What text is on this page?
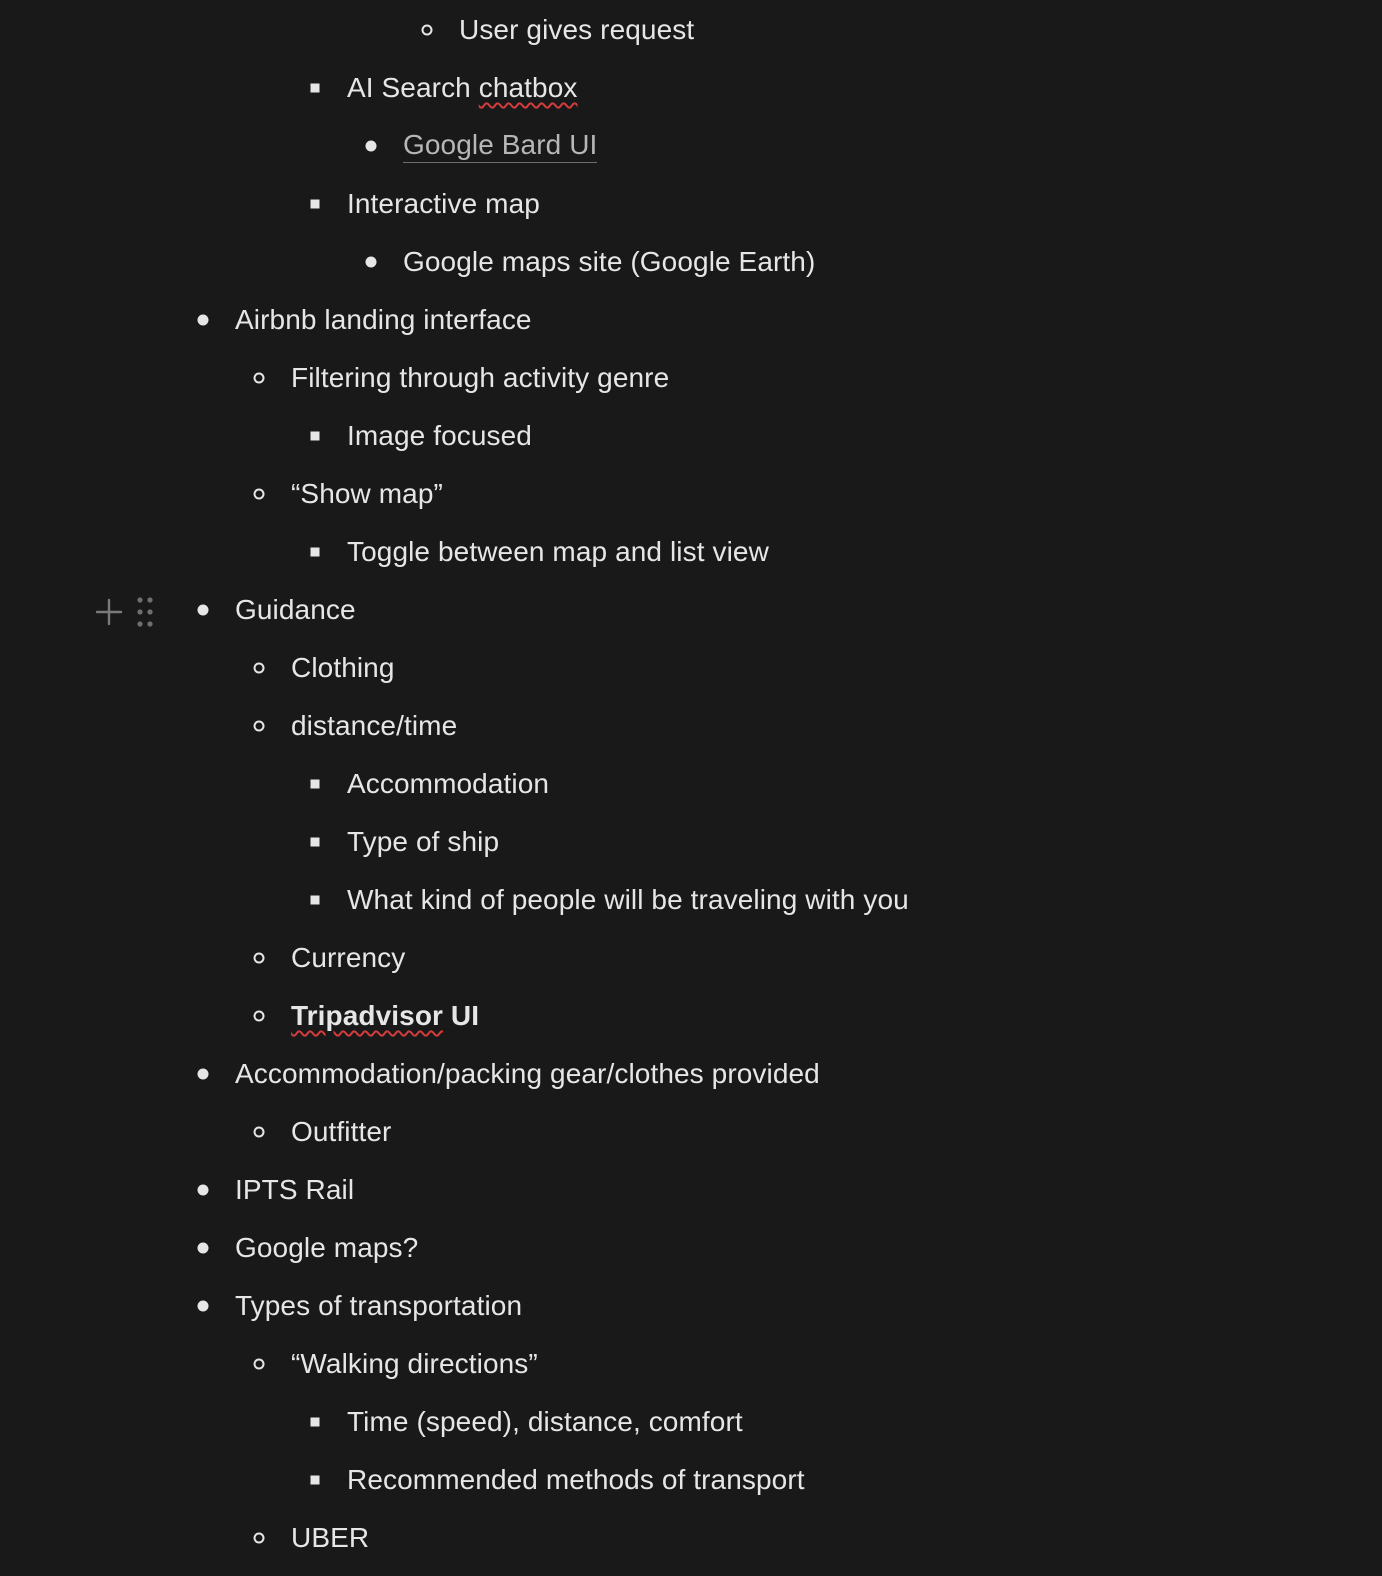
User gives request
AI Search chatbox
Google Bard UI
Interactive map
Google maps site (Google Earth)
Airbnb landing interface
Filtering through activity genre
Image focused
“Show map”
Toggle between map and list view
Guidance
Clothing
distance/time
Accommodation
Type of ship
What kind of people will be traveling with you
Currency
Tripadvisor UI
Accommodation/packing gear/clothes provided
Outfitter
IPTS Rail
Google maps?
Types of transportation
“Walking directions”
Time (speed), distance, comfort
Recommended methods of transport
UBER
